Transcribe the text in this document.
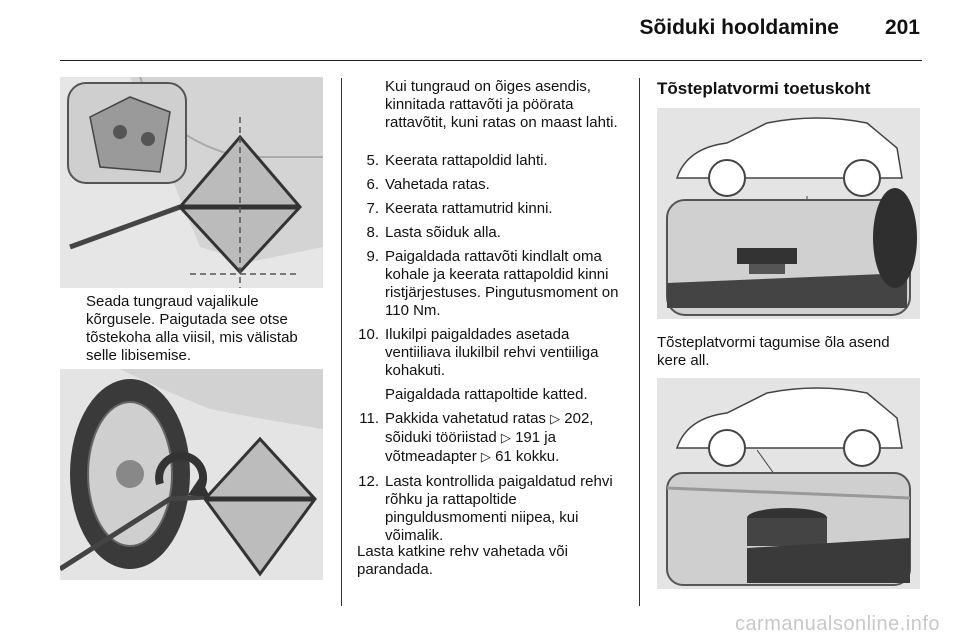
Sõiduki hooldamine 201
Seada tungraud vajalikule kõrgusele. Paigutada see otse tõstekoha alla viisil, mis välistab selle libisemise.
Kui tungraud on õiges asendis, kinnitada rattavõti ja pöörata rattavõtit, kuni ratas on maast lahti.
5. Keerata rattapoldid lahti.
6. Vahetada ratas.
7. Keerata rattamutrid kinni.
8. Lasta sõiduk alla.
9. Paigaldada rattavõti kindlalt oma kohale ja keerata rattapoldid kinni ristjärjestuses. Pingutusmoment on 110 Nm.
10. Ilukilpi paigaldades asetada ventiiliava ilukilbil rehvi ventiiliga kohakuti.
Paigaldada rattapoltide katted.
11. Pakkida vahetatud ratas ▷ 202, sõiduki tööriistad ▷ 191 ja võtmeadapter ▷ 61 kokku.
12. Lasta kontrollida paigaldatud rehvi rõhku ja rattapoltide pinguldusmomenti niipea, kui võimalik.
Lasta katkine rehv vahetada või parandada.
Tõsteplatvormi toetuskoht
Tõsteplatvormi tagumise õla asend kere all.
carmanualsonline.info
